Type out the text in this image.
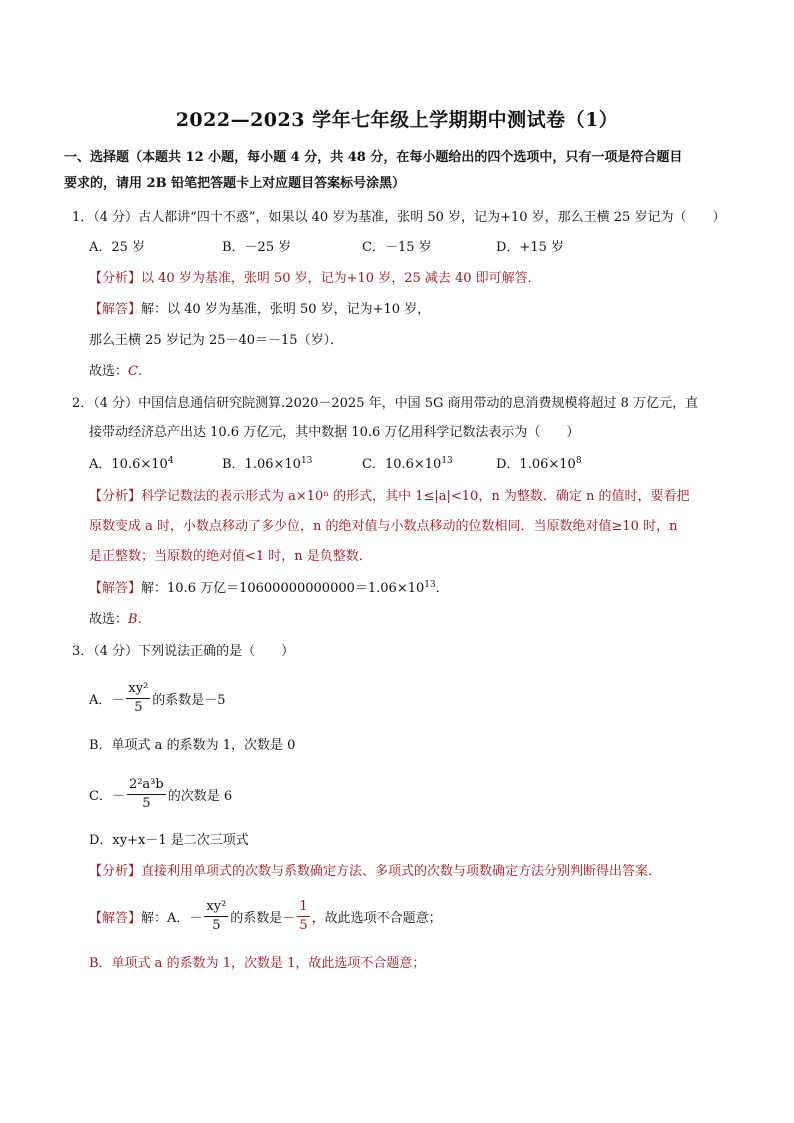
2022—2023 学年七年级上学期期中测试卷（1）
一、选择题（本题共 12 小题，每小题 4 分，共 48 分，在每小题给出的四个选项中，只有一项是符合题目
要求的，请用 2B 铅笔把答题卡上对应题目答案标号涂黑）
1．（4 分）古人都讲“四十不惑”，如果以 40 岁为基准，张明 50 岁，记为+10 岁，那么王横 25 岁记为（　　）
A．25 岁	B．－25 岁	C．－15 岁	D．+15 岁
【分析】以 40 岁为基准，张明 50 岁，记为+10 岁，25 减去 40 即可解答．
【解答】解：以 40 岁为基准，张明 50 岁，记为+10 岁，
那么王横 25 岁记为 25－40＝－15（岁）．
故选：C．
2．（4 分）中国信息通信研究院测算.2020－2025 年，中国 5G 商用带动的息消费规模将超过 8 万亿元，直
接带动经济总产出达 10.6 万亿元，其中数据 10.6 万亿用科学记数法表示为（　　）
A．$10.6\times 10^4$	B．$1.06\times 10^{13}$	C．$10.6\times 10^{13}$	D．$1.06\times 10^8$
【分析】科学记数法的表示形式为 a×10ⁿ 的形式，其中 1≤|a|<10，n 为整数．确定 n 的值时，要看把
原数变成 a 时，小数点移动了多少位，n 的绝对值与小数点移动的位数相同．当原数绝对值≥10 时，n
是正整数；当原数的绝对值<1 时，n 是负整数．
【解答】解：10.6 万亿$=10600000000000=1.06\times 10^{13}$．
故选：B．
3．（4 分）下列说法正确的是（　　）
A．－ $\frac{\text{xy²}}{5}$ 的系数是－5
B．单项式 a 的系数为 1，次数是 0
C．－ $\frac{\text{2²a³b}}{5}$ 的次数是 6
D．xy+x－1 是二次三项式
【分析】直接利用单项式的次数与系数确定方法、多项式的次数与项数确定方法分别判断得出答案．
【解答】解：A．－ $\frac{\text{xy²}}{5}$ 的系数是－ $\frac{1}{5}$ ，故此选项不合题意；
B．单项式 a 的系数为 1，次数是 1，故此选项不合题意；
